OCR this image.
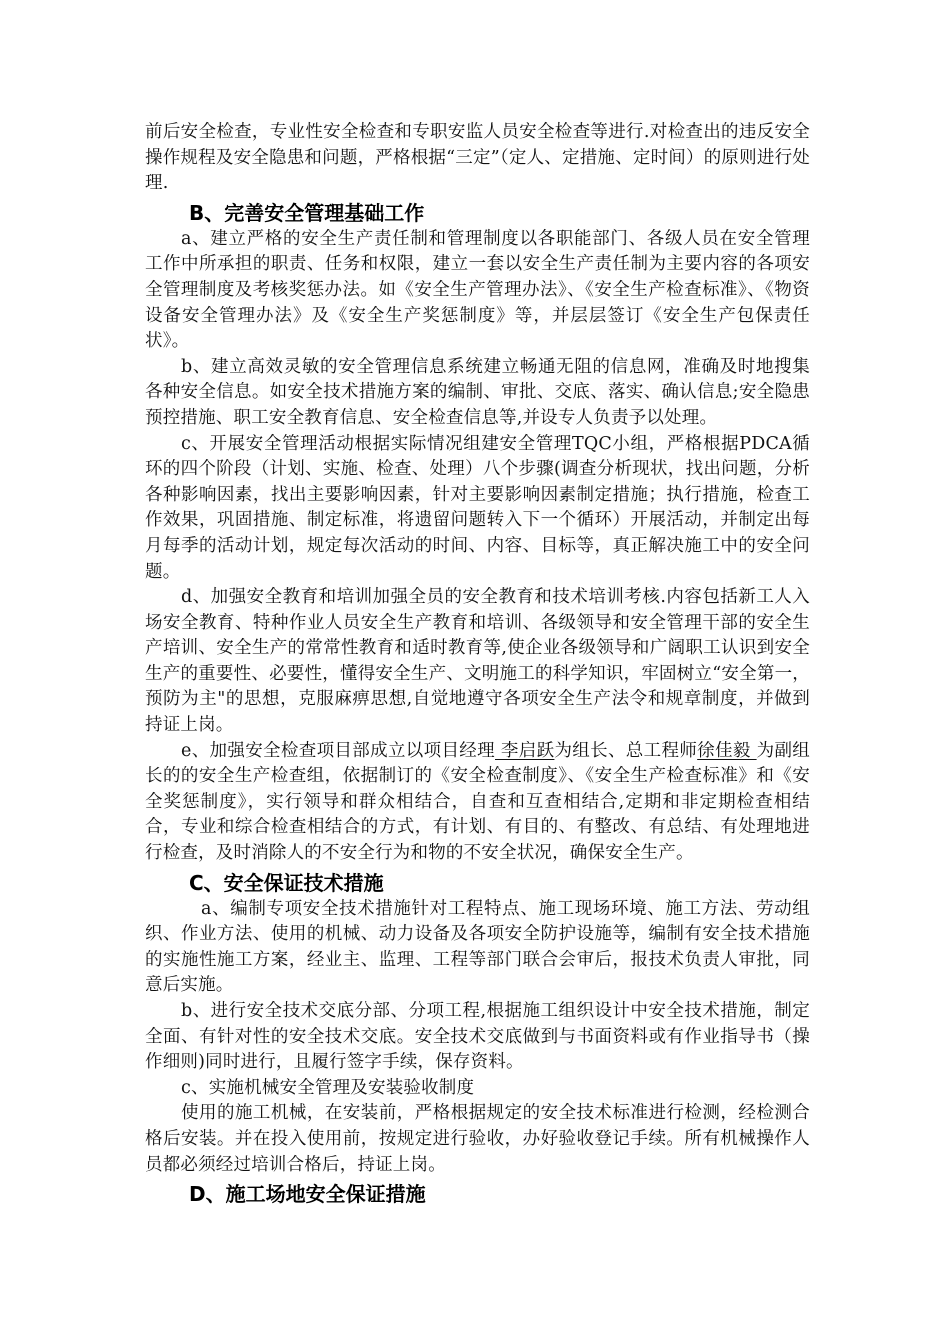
前后安全检查，专业性安全检查和专职安监人员安全检查等进行.对检查出的违反安全操作规程及安全隐患和问题，严格根据“三定”（定人、定措施、定时间）的原则进行处理.

B、完善安全管理基础工作

a、建立严格的安全生产责任制和管理制度以各职能部门、各级人员在安全管理工作中所承担的职责、任务和权限，建立一套以安全生产责任制为主要内容的各项安全管理制度及考核奖惩办法。如《安全生产管理办法》、《安全生产检查标准》、《物资设备安全管理办法》及《安全生产奖惩制度》等，并层层签订《安全生产包保责任状》。

b、建立高效灵敏的安全管理信息系统建立畅通无阻的信息网，准确及时地搜集各种安全信息。如安全技术措施方案的编制、审批、交底、落实、确认信息;安全隐患预控措施、职工安全教育信息、安全检查信息等,并设专人负责予以处理。

c、开展安全管理活动根据实际情况组建安全管理TQC小组，严格根据PDCA循环的四个阶段（计划、实施、检查、处理）八个步骤(调查分析现状，找出问题，分析各种影响因素，找出主要影响因素，针对主要影响因素制定措施；执行措施，检查工作效果，巩固措施、制定标准，将遗留问题转入下一个循环）开展活动，并制定出每月每季的活动计划，规定每次活动的时间、内容、目标等，真正解决施工中的安全问题。

d、加强安全教育和培训加强全员的安全教育和技术培训考核.内容包括新工人入场安全教育、特种作业人员安全生产教育和培训、各级领导和安全管理干部的安全生产培训、安全生产的常常性教育和适时教育等,使企业各级领导和广阔职工认识到安全生产的重要性、必要性，懂得安全生产、文明施工的科学知识，牢固树立“安全第一，预防为主"的思想，克服麻痹思想,自觉地遵守各项安全生产法令和规章制度，并做到持证上岗。

e、加强安全检查项目部成立以项目经理 李启跃为组长、总工程师徐佳毅 为副组长的的安全生产检查组，依据制订的《安全检查制度》、《安全生产检查标准》和《安全奖惩制度》，实行领导和群众相结合，自查和互查相结合,定期和非定期检查相结合，专业和综合检查相结合的方式，有计划、有目的、有整改、有总结、有处理地进行检查，及时消除人的不安全行为和物的不安全状况，确保安全生产。

C、安全保证技术措施

a、编制专项安全技术措施针对工程特点、施工现场环境、施工方法、劳动组织、作业方法、使用的机械、动力设备及各项安全防护设施等，编制有安全技术措施的实施性施工方案，经业主、监理、工程等部门联合会审后，报技术负责人审批，同意后实施。

b、进行安全技术交底分部、分项工程,根据施工组织设计中安全技术措施，制定全面、有针对性的安全技术交底。安全技术交底做到与书面资料或有作业指导书（操作细则)同时进行，且履行签字手续，保存资料。

c、实施机械安全管理及安装验收制度

使用的施工机械，在安装前，严格根据规定的安全技术标准进行检测，经检测合格后安装。并在投入使用前，按规定进行验收，办好验收登记手续。所有机械操作人员都必须经过培训合格后，持证上岗。

D、施工场地安全保证措施
